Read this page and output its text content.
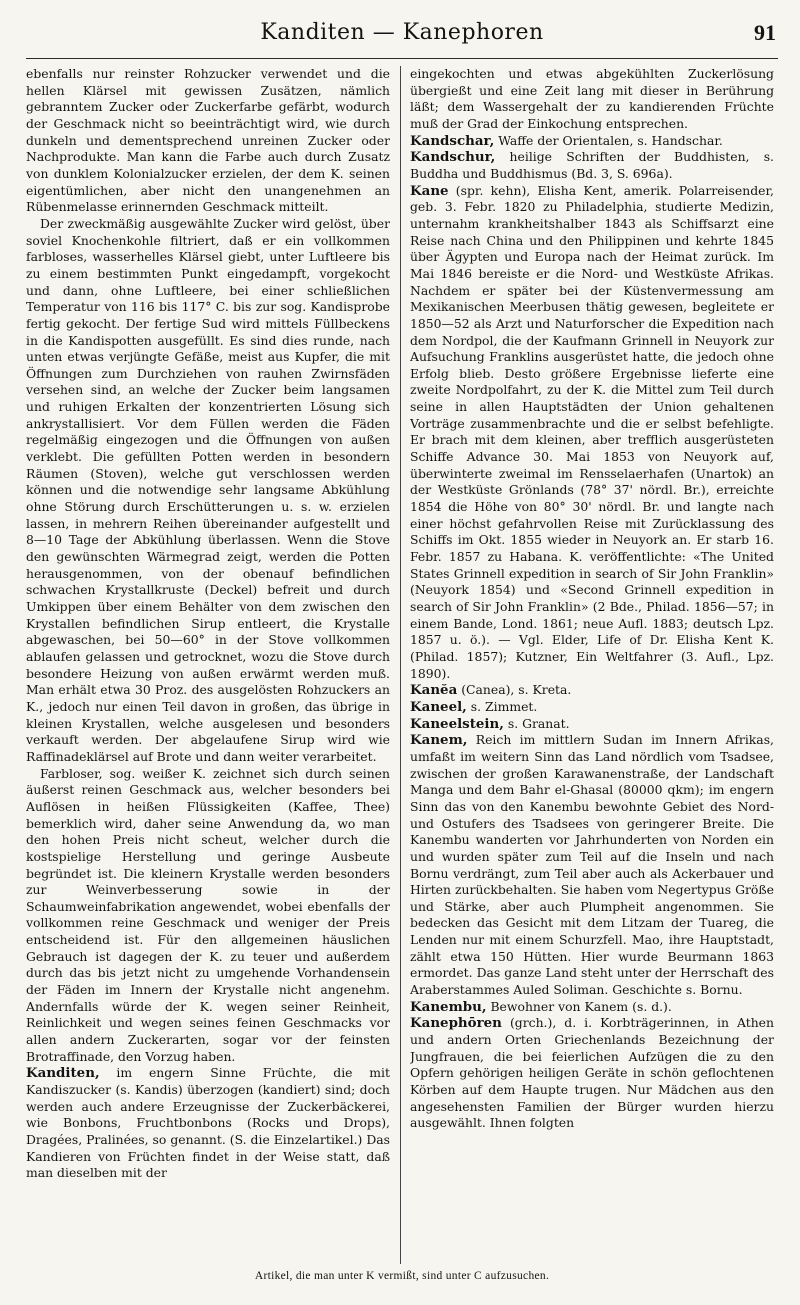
Kanditen — Kanephoren	91

ebenfalls nur reinster Rohzucker verwendet und die hellen Klärsel mit gewissen Zusätzen, nämlich gebranntem Zucker oder Zuckerfarbe gefärbt, wodurch der Geschmack nicht so beeinträchtigt wird, wie durch dunkeln und dementsprechend unreinen Zucker oder Nachprodukte. Man kann die Farbe auch durch Zusatz von dunklem Kolonialzucker erzielen, der dem K. seinen eigentümlichen, aber nicht den unangenehmen an Rübenmelasse erinnernden Geschmack mitteilt.

Der zweckmäßig ausgewählte Zucker wird gelöst, über soviel Knochenkohle filtriert, daß er ein vollkommen farbloses, wasserhelles Klärsel giebt, unter Luftleere bis zu einem bestimmten Punkt eingedampft, vorgekocht und dann, ohne Luftleere, bei einer schließlichen Temperatur von 116 bis 117° C. bis zur sog. Kandisprobe fertig gekocht. Der fertige Sud wird mittels Füllbeckens in die Kandispotten ausgefüllt. Es sind dies runde, nach unten etwas verjüngte Gefäße, meist aus Kupfer, die mit Öffnungen zum Durchziehen von rauhen Zwirnsfäden versehen sind, an welche der Zucker beim langsamen und ruhigen Erkalten der konzentrierten Lösung sich ankrystallisiert. Vor dem Füllen werden die Fäden regelmäßig eingezogen und die Öffnungen von außen verklebt. Die gefüllten Potten werden in besondern Räumen (Stoven), welche gut verschlossen werden können und die notwendige sehr langsame Abkühlung ohne Störung durch Erschütterungen u. s. w. erzielen lassen, in mehrern Reihen übereinander aufgestellt und 8—10 Tage der Abkühlung überlassen. Wenn die Stove den gewünschten Wärmegrad zeigt, werden die Potten herausgenommen, von der obenauf befindlichen schwachen Krystallkruste (Deckel) befreit und durch Umkippen über einem Behälter von dem zwischen den Krystallen befindlichen Sirup entleert, die Krystalle abgewaschen, bei 50—60° in der Stove vollkommen ablaufen gelassen und getrocknet, wozu die Stove durch besondere Heizung von außen erwärmt werden muß. Man erhält etwa 30 Proz. des ausgelösten Rohzuckers an K., jedoch nur einen Teil davon in großen, das übrige in kleinen Krystallen, welche ausgelesen und besonders verkauft werden. Der abgelaufene Sirup wird wie Raffinadeklärsel auf Brote und dann weiter verarbeitet.

Farbloser, sog. weißer K. zeichnet sich durch seinen äußerst reinen Geschmack aus, welcher besonders bei Auflösen in heißen Flüssigkeiten (Kaffee, Thee) bemerklich wird, daher seine Anwendung da, wo man den hohen Preis nicht scheut, welcher durch die kostspielige Herstellung und geringe Ausbeute begründet ist. Die kleinern Krystalle werden besonders zur Weinverbesserung sowie in der Schaumweinfabrikation angewendet, wobei ebenfalls der vollkommen reine Geschmack und weniger der Preis entscheidend ist. Für den allgemeinen häuslichen Gebrauch ist dagegen der K. zu teuer und außerdem durch das bis jetzt nicht zu umgehende Vorhandensein der Fäden im Innern der Krystalle nicht angenehm. Andernfalls würde der K. wegen seiner Reinheit, Reinlichkeit und wegen seines feinen Geschmacks vor allen andern Zuckerarten, sogar vor der feinsten Brotraffinade, den Vorzug haben.

Kanditen, im engern Sinne Früchte, die mit Kandiszucker (s. Kandis) überzogen (kandiert) sind; doch werden auch andere Erzeugnisse der Zuckerbäckerei, wie Bonbons, Fruchtbonbons (Rocks und Drops), Dragées, Pralinées, so genannt. (S. die Einzelartikel.) Das Kandieren von Früchten findet in der Weise statt, daß man dieselben mit der

eingekochten und etwas abgekühlten Zuckerlösung übergießt und eine Zeit lang mit dieser in Berührung läßt; dem Wassergehalt der zu kandierenden Früchte muß der Grad der Einkochung entsprechen.

Kandschar, Waffe der Orientalen, s. Handschar.

Kandschur, heilige Schriften der Buddhisten, s. Buddha und Buddhismus (Bd. 3, S. 696a).

Kane (spr. kehn), Elisha Kent, amerik. Polarreisender, geb. 3. Febr. 1820 zu Philadelphia, studierte Medizin, unternahm krankheitshalber 1843 als Schiffsarzt eine Reise nach China und den Philippinen und kehrte 1845 über Ägypten und Europa nach der Heimat zurück. Im Mai 1846 bereiste er die Nord- und Westküste Afrikas. Nachdem er später bei der Küstenvermessung am Mexikanischen Meerbusen thätig gewesen, begleitete er 1850—52 als Arzt und Naturforscher die Expedition nach dem Nordpol, die der Kaufmann Grinnell in Neuyork zur Aufsuchung Franklins ausgerüstet hatte, die jedoch ohne Erfolg blieb. Desto größere Ergebnisse lieferte eine zweite Nordpolfahrt, zu der K. die Mittel zum Teil durch seine in allen Hauptstädten der Union gehaltenen Vorträge zusammenbrachte und die er selbst befehligte. Er brach mit dem kleinen, aber trefflich ausgerüsteten Schiffe Advance 30. Mai 1853 von Neuyork auf, überwinterte zweimal im Rensselaerhafen (Unartok) an der Westküste Grönlands (78° 37' nördl. Br.), erreichte 1854 die Höhe von 80° 30' nördl. Br. und langte nach einer höchst gefahrvollen Reise mit Zurücklassung des Schiffs im Okt. 1855 wieder in Neuyork an. Er starb 16. Febr. 1857 zu Habana. K. veröffentlichte: «The United States Grinnell expedition in search of Sir John Franklin» (Neuyork 1854) und «Second Grinnell expedition in search of Sir John Franklin» (2 Bde., Philad. 1856—57; in einem Bande, Lond. 1861; neue Aufl. 1883; deutsch Lpz. 1857 u. ö.). — Vgl. Elder, Life of Dr. Elisha Kent K. (Philad. 1857); Kutzner, Ein Weltfahrer (3. Aufl., Lpz. 1890).

Kanĕa (Canea), s. Kreta.

Kaneel, s. Zimmet.

Kaneelstein, s. Granat.

Kanem, Reich im mittlern Sudan im Innern Afrikas, umfaßt im weitern Sinn das Land nördlich vom Tsadsee, zwischen der großen Karawanenstraße, der Landschaft Manga und dem Bahr el-Ghasal (80000 qkm); im engern Sinn das von den Kanembu bewohnte Gebiet des Nord- und Ostufers des Tsadsees von geringerer Breite. Die Kanembu wanderten vor Jahrhunderten von Norden ein und wurden später zum Teil auf die Inseln und nach Bornu verdrängt, zum Teil aber auch als Ackerbauer und Hirten zurückbehalten. Sie haben vom Negertypus Größe und Stärke, aber auch Plumpheit angenommen. Sie bedecken das Gesicht mit dem Litzam der Tuareg, die Lenden nur mit einem Schurzfell. Mao, ihre Hauptstadt, zählt etwa 150 Hütten. Hier wurde Beurmann 1863 ermordet. Das ganze Land steht unter der Herrschaft des Araberstammes Auled Soliman. Geschichte s. Bornu.

Kanembu, Bewohner von Kanem (s. d.).

Kanephōren (grch.), d. i. Korbträgerinnen, in Athen und andern Orten Griechenlands Bezeichnung der Jungfrauen, die bei feierlichen Aufzügen die zu den Opfern gehörigen heiligen Geräte in schön geflochtenen Körben auf dem Haupte trugen. Nur Mädchen aus den angesehensten Familien der Bürger wurden hierzu ausgewählt. Ihnen folgten

Artikel, die man unter K vermißt, sind unter C aufzusuchen.
